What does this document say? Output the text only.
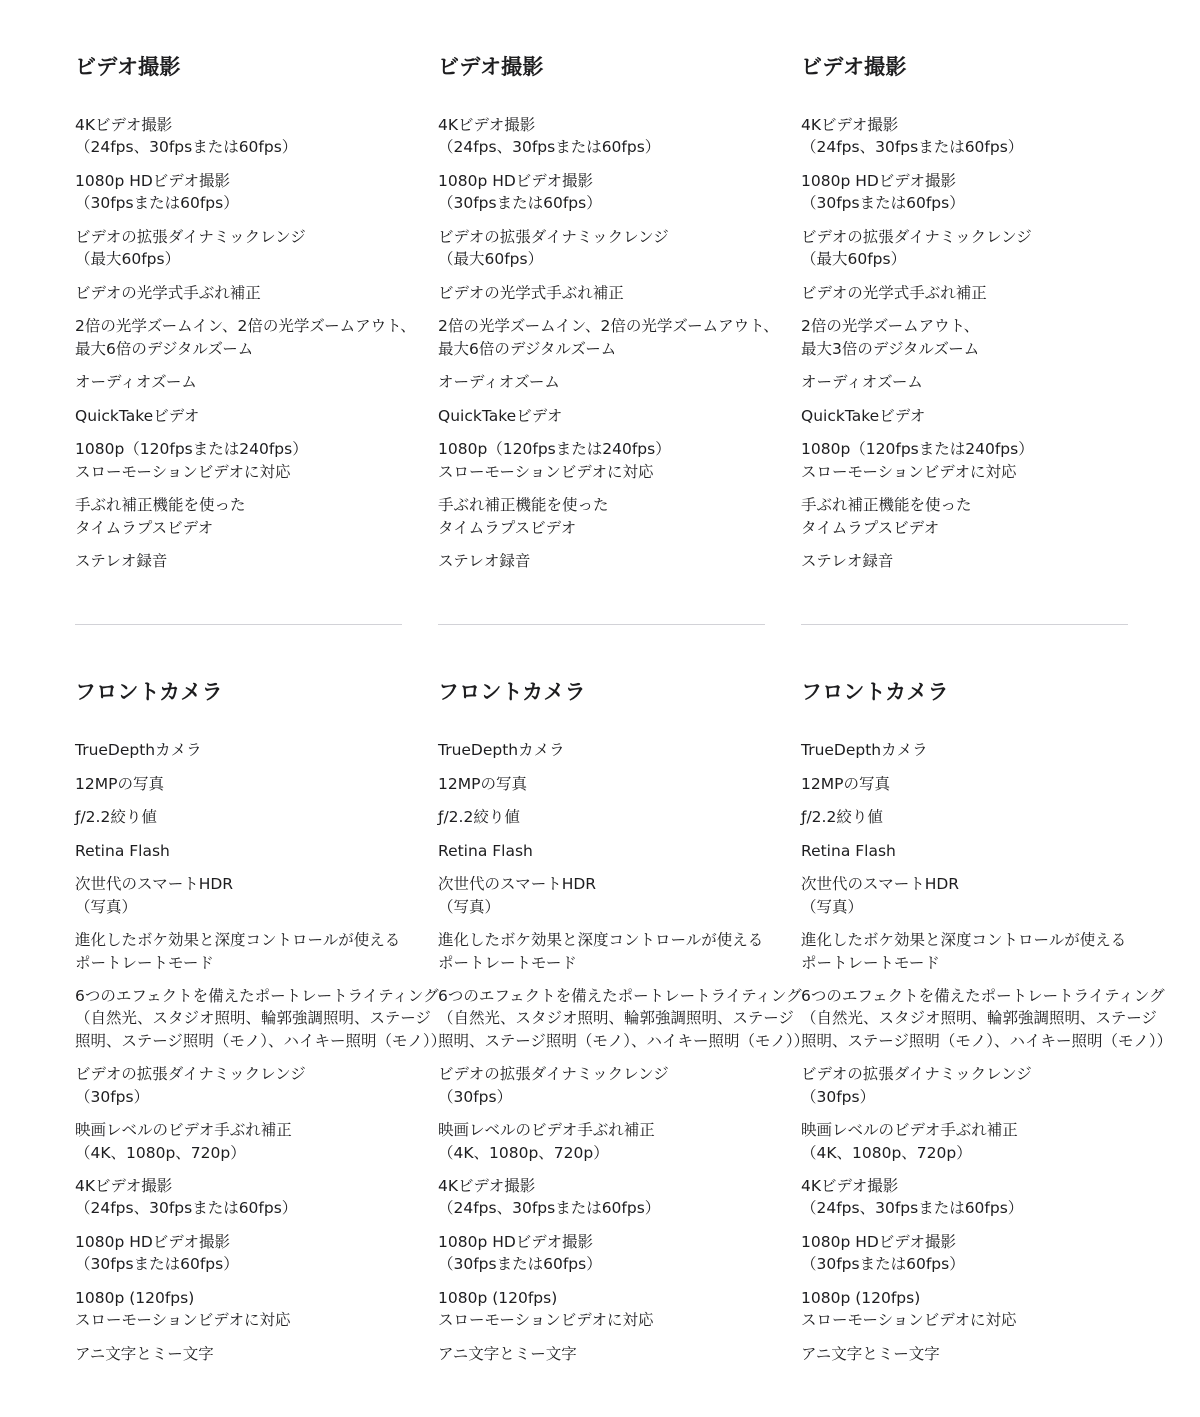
ビデオ撮影
4Kビデオ撮影
（24fps、30fpsまたは60fps）
1080p HDビデオ撮影
（30fpsまたは60fps）
ビデオの拡張ダイナミックレンジ
（最大60fps）
ビデオの光学式手ぶれ補正
2倍の光学ズームイン、2倍の光学ズームアウト、
最大6倍のデジタルズーム
オーディオズーム
QuickTakeビデオ
1080p（120fpsまたは240fps）
スローモーションビデオに対応
手ぶれ補正機能を使った
タイムラプスビデオ
ステレオ録音
ビデオ撮影
4Kビデオ撮影
（24fps、30fpsまたは60fps）
1080p HDビデオ撮影
（30fpsまたは60fps）
ビデオの拡張ダイナミックレンジ
（最大60fps）
ビデオの光学式手ぶれ補正
2倍の光学ズームイン、2倍の光学ズームアウト、
最大6倍のデジタルズーム
オーディオズーム
QuickTakeビデオ
1080p（120fpsまたは240fps）
スローモーションビデオに対応
手ぶれ補正機能を使った
タイムラプスビデオ
ステレオ録音
ビデオ撮影
4Kビデオ撮影
（24fps、30fpsまたは60fps）
1080p HDビデオ撮影
（30fpsまたは60fps）
ビデオの拡張ダイナミックレンジ
（最大60fps）
ビデオの光学式手ぶれ補正
2倍の光学ズームアウト、
最大3倍のデジタルズーム
オーディオズーム
QuickTakeビデオ
1080p（120fpsまたは240fps）
スローモーションビデオに対応
手ぶれ補正機能を使った
タイムラプスビデオ
ステレオ録音
フロントカメラ
TrueDepthカメラ
12MPの写真
ƒ/2.2絞り値
Retina Flash
次世代のスマートHDR
（写真）
進化したボケ効果と深度コントロールが使える
ポートレートモード
6つのエフェクトを備えたポートレートライティング
（自然光、スタジオ照明、輪郭強調照明、ステージ
照明、ステージ照明（モノ）、ハイキー照明（モノ））
ビデオの拡張ダイナミックレンジ
（30fps）
映画レベルのビデオ手ぶれ補正
（4K、1080p、720p）
4Kビデオ撮影
（24fps、30fpsまたは60fps）
1080p HDビデオ撮影
（30fpsまたは60fps）
1080p (120fps)
スローモーションビデオに対応
アニ文字とミー文字
フロントカメラ
TrueDepthカメラ
12MPの写真
ƒ/2.2絞り値
Retina Flash
次世代のスマートHDR
（写真）
進化したボケ効果と深度コントロールが使える
ポートレートモード
6つのエフェクトを備えたポートレートライティング
（自然光、スタジオ照明、輪郭強調照明、ステージ
照明、ステージ照明（モノ）、ハイキー照明（モノ））
ビデオの拡張ダイナミックレンジ
（30fps）
映画レベルのビデオ手ぶれ補正
（4K、1080p、720p）
4Kビデオ撮影
（24fps、30fpsまたは60fps）
1080p HDビデオ撮影
（30fpsまたは60fps）
1080p (120fps)
スローモーションビデオに対応
アニ文字とミー文字
フロントカメラ
TrueDepthカメラ
12MPの写真
ƒ/2.2絞り値
Retina Flash
次世代のスマートHDR
（写真）
進化したボケ効果と深度コントロールが使える
ポートレートモード
6つのエフェクトを備えたポートレートライティング
（自然光、スタジオ照明、輪郭強調照明、ステージ
照明、ステージ照明（モノ）、ハイキー照明（モノ））
ビデオの拡張ダイナミックレンジ
（30fps）
映画レベルのビデオ手ぶれ補正
（4K、1080p、720p）
4Kビデオ撮影
（24fps、30fpsまたは60fps）
1080p HDビデオ撮影
（30fpsまたは60fps）
1080p (120fps)
スローモーションビデオに対応
アニ文字とミー文字
